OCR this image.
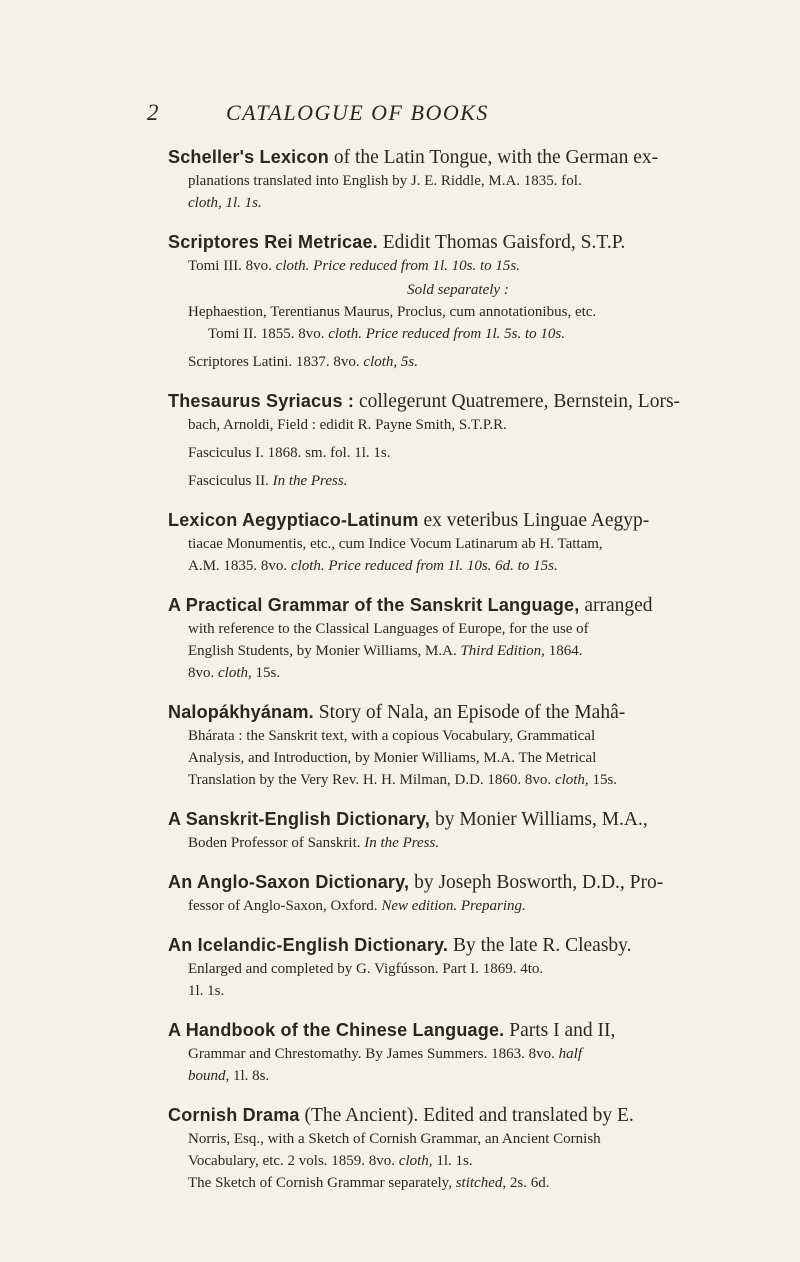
2	CATALOGUE OF BOOKS
Scheller's Lexicon of the Latin Tongue, with the German ex-
planations translated into English by J. E. Riddle, M.A. 1835. fol.
cloth, 1l. 1s.
Scriptores Rei Metricae. Edidit Thomas Gaisford, S.T.P.
Tomi III. 8vo. cloth. Price reduced from 1l. 10s. to 15s.
Sold separately :
Hephaestion, Terentianus Maurus, Proclus, cum annotationibus, etc.
Tomi II. 1855. 8vo. cloth. Price reduced from 1l. 5s. to 10s.
Scriptores Latini. 1837. 8vo. cloth, 5s.
Thesaurus Syriacus : collegerunt Quatremere, Bernstein, Lors-
bach, Arnoldi, Field : edidit R. Payne Smith, S.T.P.R.
Fasciculus I. 1868. sm. fol. 1l. 1s.
Fasciculus II. In the Press.
Lexicon Aegyptiaco-Latinum ex veteribus Linguae Aegyp-
tiacae Monumentis, etc., cum Indice Vocum Latinarum ab H. Tattam,
A.M. 1835. 8vo. cloth. Price reduced from 1l. 10s. 6d. to 15s.
A Practical Grammar of the Sanskrit Language, arranged
with reference to the Classical Languages of Europe, for the use of
English Students, by Monier Williams, M.A. Third Edition, 1864.
8vo. cloth, 15s.
Nalopákhyánam. Story of Nala, an Episode of the Mahâ-
Bhárata : the Sanskrit text, with a copious Vocabulary, Grammatical
Analysis, and Introduction, by Monier Williams, M.A. The Metrical
Translation by the Very Rev. H. H. Milman, D.D. 1860. 8vo. cloth, 15s.
A Sanskrit-English Dictionary, by Monier Williams, M.A.,
Boden Professor of Sanskrit. In the Press.
An Anglo-Saxon Dictionary, by Joseph Bosworth, D.D., Pro-
fessor of Anglo-Saxon, Oxford. New edition. Preparing.
An Icelandic-English Dictionary. By the late R. Cleasby.
Enlarged and completed by G. Vigfússon. Part I. 1869. 4to.
1l. 1s.
A Handbook of the Chinese Language. Parts I and II,
Grammar and Chrestomathy. By James Summers. 1863. 8vo. half
bound, 1l. 8s.
Cornish Drama (The Ancient). Edited and translated by E.
Norris, Esq., with a Sketch of Cornish Grammar, an Ancient Cornish
Vocabulary, etc. 2 vols. 1859. 8vo. cloth, 1l. 1s.
The Sketch of Cornish Grammar separately, stitched, 2s. 6d.
